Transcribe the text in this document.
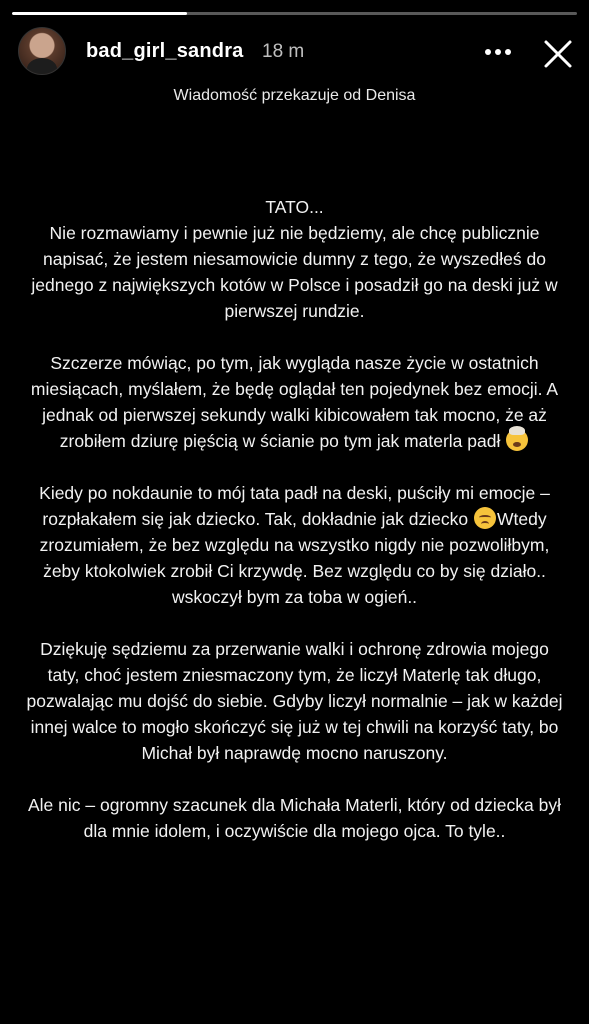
bad_girl_sandra 18 m
Wiadomość przekazuje od Denisa

TATO...

Nie rozmawiamy i pewnie już nie będziemy, ale chcę publicznie napisać, że jestem niesamowicie dumny z tego, że wyszedłeś do jednego z największych kotów w Polsce i posadził go na deski już w pierwszej rundzie.

Szczerze mówiąc, po tym, jak wygląda nasze życie w ostatnich miesiącach, myślałem, że będę oglądał ten pojedynek bez emocji. A jednak od pierwszej sekundy walki kibicowałem tak mocno, że aż zrobiłem dziurę pięścią w ścianie po tym jak materla padł

Kiedy po nokdaunie to mój tata padł na deski, puściły mi emocje – rozpłakałem się jak dziecko. Tak, dokładnie jak dziecko Wtedy zrozumiałem, że bez względu na wszystko nigdy nie pozwoliłbym, żeby ktokolwiek zrobił Ci krzywdę. Bez względu co by się działo.. wskoczył bym za toba w ogień..

Dziękuję sędziemu za przerwanie walki i ochronę zdrowia mojego taty, choć jestem zniesmaczony tym, że liczył Materlę tak długo, pozwalając mu dojść do siebie. Gdyby liczył normalnie – jak w każdej innej walce to mogło skończyć się już w tej chwili na korzyść taty, bo Michał był naprawdę mocno naruszony.

Ale nic – ogromny szacunek dla Michała Materli, który od dziecka był dla mnie idolem, i oczywiście dla mojego ojca. To tyle..
